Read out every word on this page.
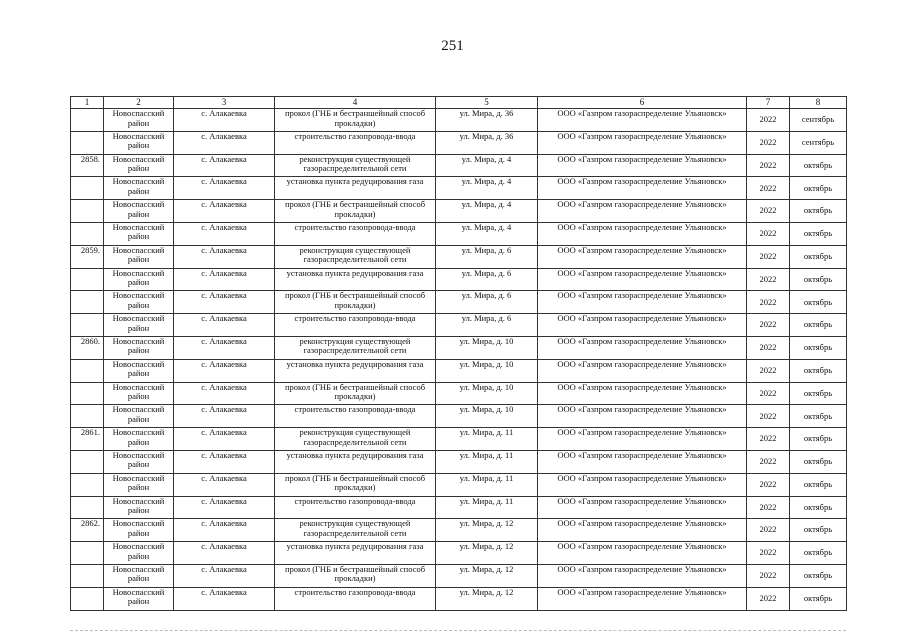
251
1	2	3	4	5	6	7	8
	Новоспасский район	с. Алакаевка	прокол (ГНБ и бестраншейный способ прокладки)	ул. Мира, д. 36	ООО «Газпром газораспределение Ульяновск»	2022	сентябрь
	Новоспасский район	с. Алакаевка	строительство газопровода-ввода	ул. Мира, д. 36	ООО «Газпром газораспределение Ульяновск»	2022	сентябрь
2858.	Новоспасский район	с. Алакаевка	реконструкция существующей газораспределительной сети	ул. Мира, д. 4	ООО «Газпром газораспределение Ульяновск»	2022	октябрь
	Новоспасский район	с. Алакаевка	установка пункта редуцирования газа	ул. Мира, д. 4	ООО «Газпром газораспределение Ульяновск»	2022	октябрь
	Новоспасский район	с. Алакаевка	прокол (ГНБ и бестраншейный способ прокладки)	ул. Мира, д. 4	ООО «Газпром газораспределение Ульяновск»	2022	октябрь
	Новоспасский район	с. Алакаевка	строительство газопровода-ввода	ул. Мира, д. 4	ООО «Газпром газораспределение Ульяновск»	2022	октябрь
2859.	Новоспасский район	с. Алакаевка	реконструкция существующей газораспределительной сети	ул. Мира, д. 6	ООО «Газпром газораспределение Ульяновск»	2022	октябрь
	Новоспасский район	с. Алакаевка	установка пункта редуцирования газа	ул. Мира, д. 6	ООО «Газпром газораспределение Ульяновск»	2022	октябрь
	Новоспасский район	с. Алакаевка	прокол (ГНБ и бестраншейный способ прокладки)	ул. Мира, д. 6	ООО «Газпром газораспределение Ульяновск»	2022	октябрь
	Новоспасский район	с. Алакаевка	строительство газопровода-ввода	ул. Мира, д. 6	ООО «Газпром газораспределение Ульяновск»	2022	октябрь
2860.	Новоспасский район	с. Алакаевка	реконструкция существующей газораспределительной сети	ул. Мира, д. 10	ООО «Газпром газораспределение Ульяновск»	2022	октябрь
	Новоспасский район	с. Алакаевка	установка пункта редуцирования газа	ул. Мира, д. 10	ООО «Газпром газораспределение Ульяновск»	2022	октябрь
	Новоспасский район	с. Алакаевка	прокол (ГНБ и бестраншейный способ прокладки)	ул. Мира, д. 10	ООО «Газпром газораспределение Ульяновск»	2022	октябрь
	Новоспасский район	с. Алакаевка	строительство газопровода-ввода	ул. Мира, д. 10	ООО «Газпром газораспределение Ульяновск»	2022	октябрь
2861.	Новоспасский район	с. Алакаевка	реконструкция существующей газораспределительной сети	ул. Мира, д. 11	ООО «Газпром газораспределение Ульяновск»	2022	октябрь
	Новоспасский район	с. Алакаевка	установка пункта редуцирования газа	ул. Мира, д. 11	ООО «Газпром газораспределение Ульяновск»	2022	октябрь
	Новоспасский район	с. Алакаевка	прокол (ГНБ и бестраншейный способ прокладки)	ул. Мира, д. 11	ООО «Газпром газораспределение Ульяновск»	2022	октябрь
	Новоспасский район	с. Алакаевка	строительство газопровода-ввода	ул. Мира, д. 11	ООО «Газпром газораспределение Ульяновск»	2022	октябрь
2862.	Новоспасский район	с. Алакаевка	реконструкция существующей газораспределительной сети	ул. Мира, д. 12	ООО «Газпром газораспределение Ульяновск»	2022	октябрь
	Новоспасский район	с. Алакаевка	установка пункта редуцирования газа	ул. Мира, д. 12	ООО «Газпром газораспределение Ульяновск»	2022	октябрь
	Новоспасский район	с. Алакаевка	прокол (ГНБ и бестраншейный способ прокладки)	ул. Мира, д. 12	ООО «Газпром газораспределение Ульяновск»	2022	октябрь
	Новоспасский район	с. Алакаевка	строительство газопровода-ввода	ул. Мира, д. 12	ООО «Газпром газораспределение Ульяновск»	2022	октябрь
